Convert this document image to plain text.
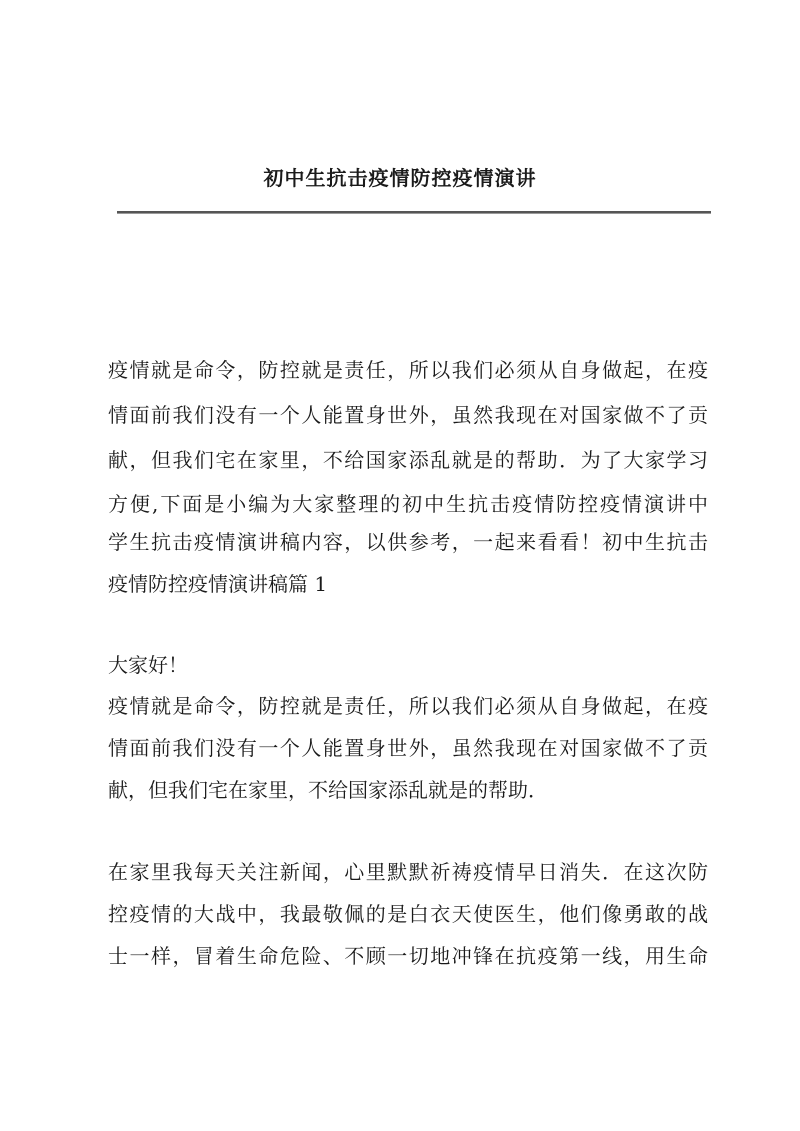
初中生抗击疫情防控疫情演讲

疫情就是命令，防控就是责任，所以我们必须从自身做起，在疫

情面前我们没有一个人能置身世外，虽然我现在对国家做不了贡

献，但我们宅在家里，不给国家添乱就是的帮助．为了大家学习

方便,下面是小编为大家整理的初中生抗击疫情防控疫情演讲中

学生抗击疫情演讲稿内容，以供参考，一起来看看！初中生抗击

疫情防控疫情演讲稿篇 1

大家好！

疫情就是命令，防控就是责任，所以我们必须从自身做起，在疫

情面前我们没有一个人能置身世外，虽然我现在对国家做不了贡

献，但我们宅在家里，不给国家添乱就是的帮助．

在家里我每天关注新闻，心里默默祈祷疫情早日消失．在这次防

控疫情的大战中，我最敬佩的是白衣天使医生，他们像勇敢的战

士一样，冒着生命危险、不顾一切地冲锋在抗疫第一线，用生命
